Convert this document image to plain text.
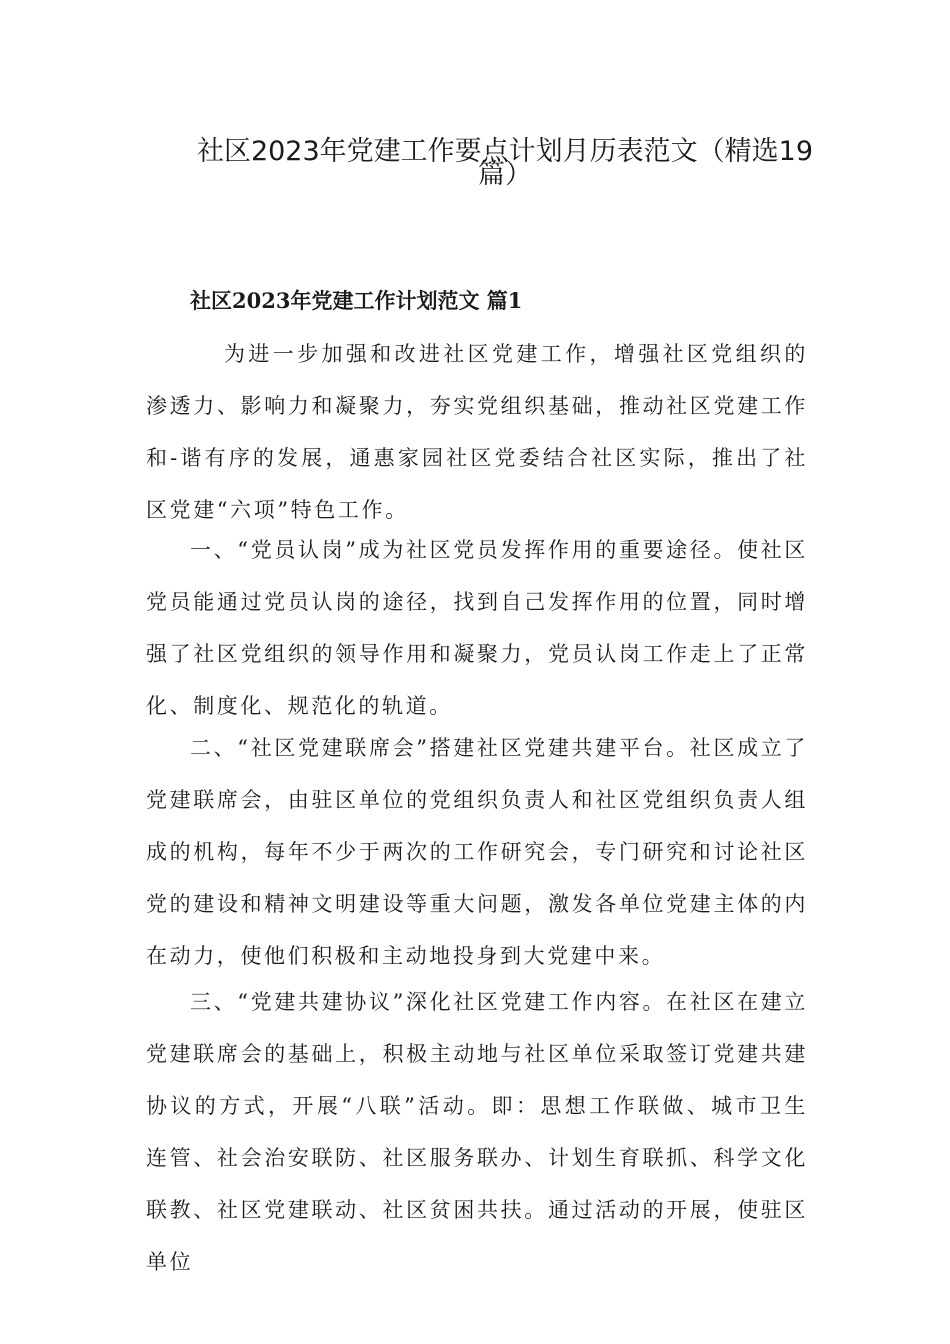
社区2023年党建工作要点计划月历表范文（精选19
篇）
社区2023年党建工作计划范文 篇1

为进一步加强和改进社区党建工作，增强社区党组织的渗透力、影响力和凝聚力，夯实党组织基础，推动社区党建工作和-谐有序的发展，通惠家园社区党委结合社区实际，推出了社区党建“六项”特色工作。

一、“党员认岗”成为社区党员发挥作用的重要途径。使社区党员能通过党员认岗的途径，找到自己发挥作用的位置，同时增强了社区党组织的领导作用和凝聚力，党员认岗工作走上了正常化、制度化、规范化的轨道。

二、“社区党建联席会”搭建社区党建共建平台。社区成立了党建联席会，由驻区单位的党组织负责人和社区党组织负责人组成的机构，每年不少于两次的工作研究会，专门研究和讨论社区党的建设和精神文明建设等重大问题，激发各单位党建主体的内在动力，使他们积极和主动地投身到大党建中来。

三、“党建共建协议”深化社区党建工作内容。在社区在建立党建联席会的基础上，积极主动地与社区单位采取签订党建共建协议的方式，开展“八联”活动。即：思想工作联做、城市卫生连管、社会治安联防、社区服务联办、计划生育联抓、科学文化联教、社区党建联动、社区贫困共扶。通过活动的开展，使驻区单位
